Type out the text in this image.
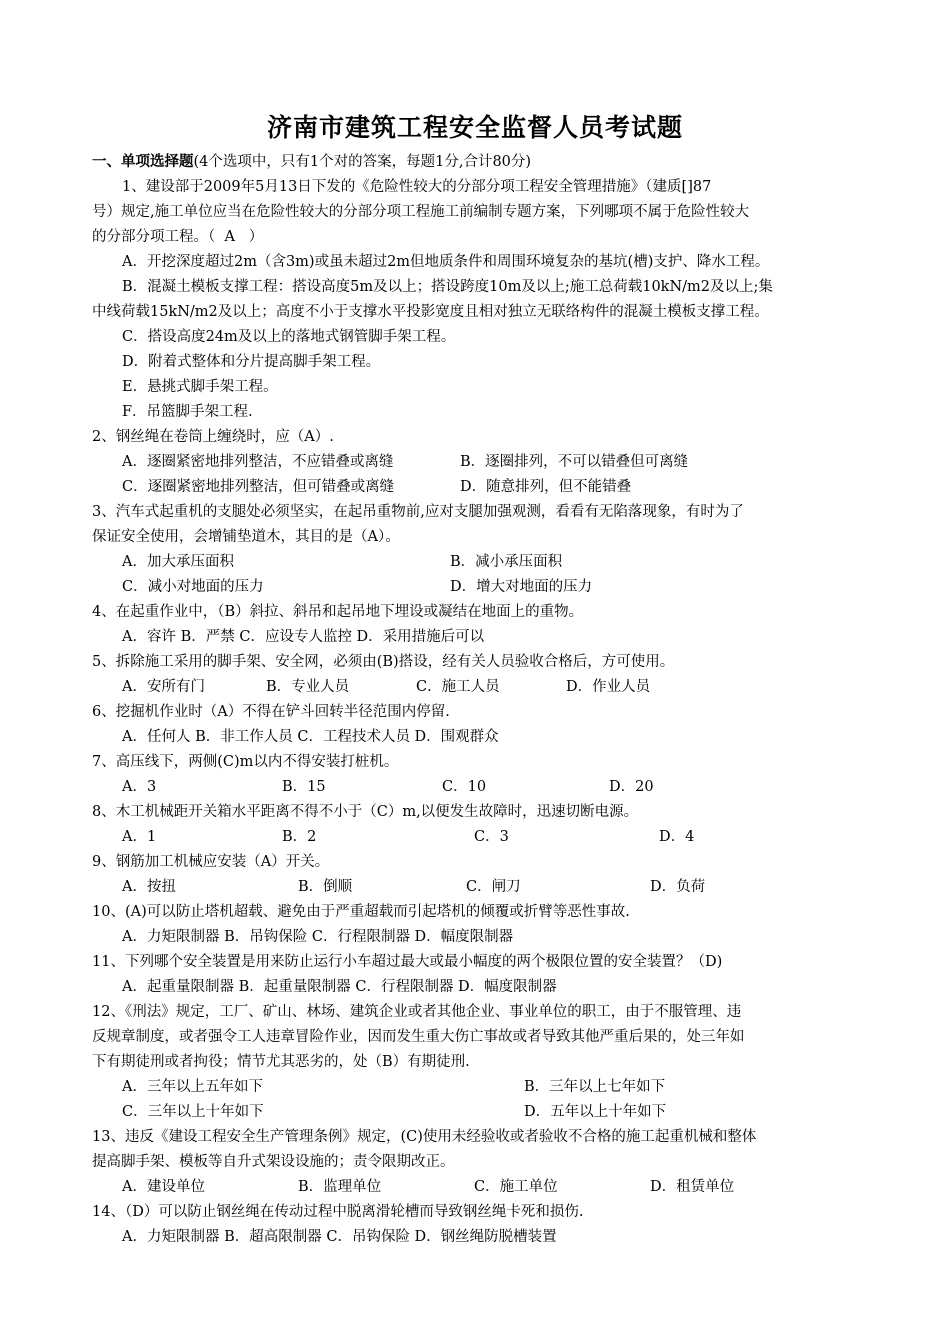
济南市建筑工程安全监督人员考试题
一、单项选择题(4个选项中，只有1个对的答案，每题1分,合计80分)
1、建设部于2009年5月13日下发的《危险性较大的分部分项工程安全管理措施》（建质[]87
号）规定,施工单位应当在危险性较大的分部分项工程施工前编制专题方案，下列哪项不属于危险性较大
的分部分项工程。（  A   ）
A．开挖深度超过2m（含3m)或虽未超过2m但地质条件和周围环境复杂的基坑(槽)支护、降水工程。
B．混凝土模板支撑工程：搭设高度5m及以上；搭设跨度10m及以上;施工总荷载10kN/m2及以上;集
中线荷载15kN/m2及以上；高度不小于支撑水平投影宽度且相对独立无联络构件的混凝土模板支撑工程。
C．搭设高度24m及以上的落地式钢管脚手架工程。
D．附着式整体和分片提高脚手架工程。
E．悬挑式脚手架工程。
F．吊篮脚手架工程.
2、钢丝绳在卷筒上缠绕时，应（A）.
A．逐圈紧密地排列整洁，不应错叠或离缝	B．逐圈排列，不可以错叠但可离缝
C．逐圈紧密地排列整洁，但可错叠或离缝	D．随意排列，但不能错叠
3、汽车式起重机的支腿处必须坚实，在起吊重物前,应对支腿加强观测，看看有无陷落现象，有时为了
保证安全使用，会增铺垫道木，其目的是（A）。
A．加大承压面积	B．减小承压面积
C．减小对地面的压力	D．增大对地面的压力
4、在起重作业中，（B）斜拉、斜吊和起吊地下埋设或凝结在地面上的重物。
A．容许 B．严禁 C．应设专人监控 D．采用措施后可以
5、拆除施工采用的脚手架、安全网，必须由(B)搭设，经有关人员验收合格后，方可使用。
A．安所有门	B．专业人员	C．施工人员	D．作业人员
6、挖掘机作业时（A）不得在铲斗回转半径范围内停留.
A．任何人 B．非工作人员 C．工程技术人员 D．围观群众
7、高压线下，两侧(C)m以内不得安装打桩机。
A．3	B．15	C．10	D．20
8、木工机械距开关箱水平距离不得不小于（C）m,以便发生故障时，迅速切断电源。
A．1	B．2	C．3	D．4
9、钢筋加工机械应安装（A）开关。
A．按扭	B．倒顺	C．闸刀	D．负荷
10、(A)可以防止塔机超载、避免由于严重超载而引起塔机的倾覆或折臂等恶性事故.
A．力矩限制器 B．吊钩保险 C．行程限制器 D．幅度限制器
11、下列哪个安全装置是用来防止运行小车超过最大或最小幅度的两个极限位置的安全装置？（D)
A．起重量限制器 B．起重量限制器 C．行程限制器 D．幅度限制器
12、《刑法》规定，工厂、矿山、林场、建筑企业或者其他企业、事业单位的职工，由于不服管理、违
反规章制度，或者强令工人违章冒险作业，因而发生重大伤亡事故或者导致其他严重后果的，处三年如
下有期徒刑或者拘役；情节尤其恶劣的，处（B）有期徒刑.
A．三年以上五年如下	B．三年以上七年如下
C．三年以上十年如下	D．五年以上十年如下
13、违反《建设工程安全生产管理条例》规定，(C)使用未经验收或者验收不合格的施工起重机械和整体
提高脚手架、模板等自升式架设设施的；责令限期改正。
A．建设单位	B．监理单位	C．施工单位	D．租赁单位
14、（D）可以防止钢丝绳在传动过程中脱离滑轮槽而导致钢丝绳卡死和损伤.
A．力矩限制器 B．超高限制器 C．吊钩保险 D．钢丝绳防脱槽装置
